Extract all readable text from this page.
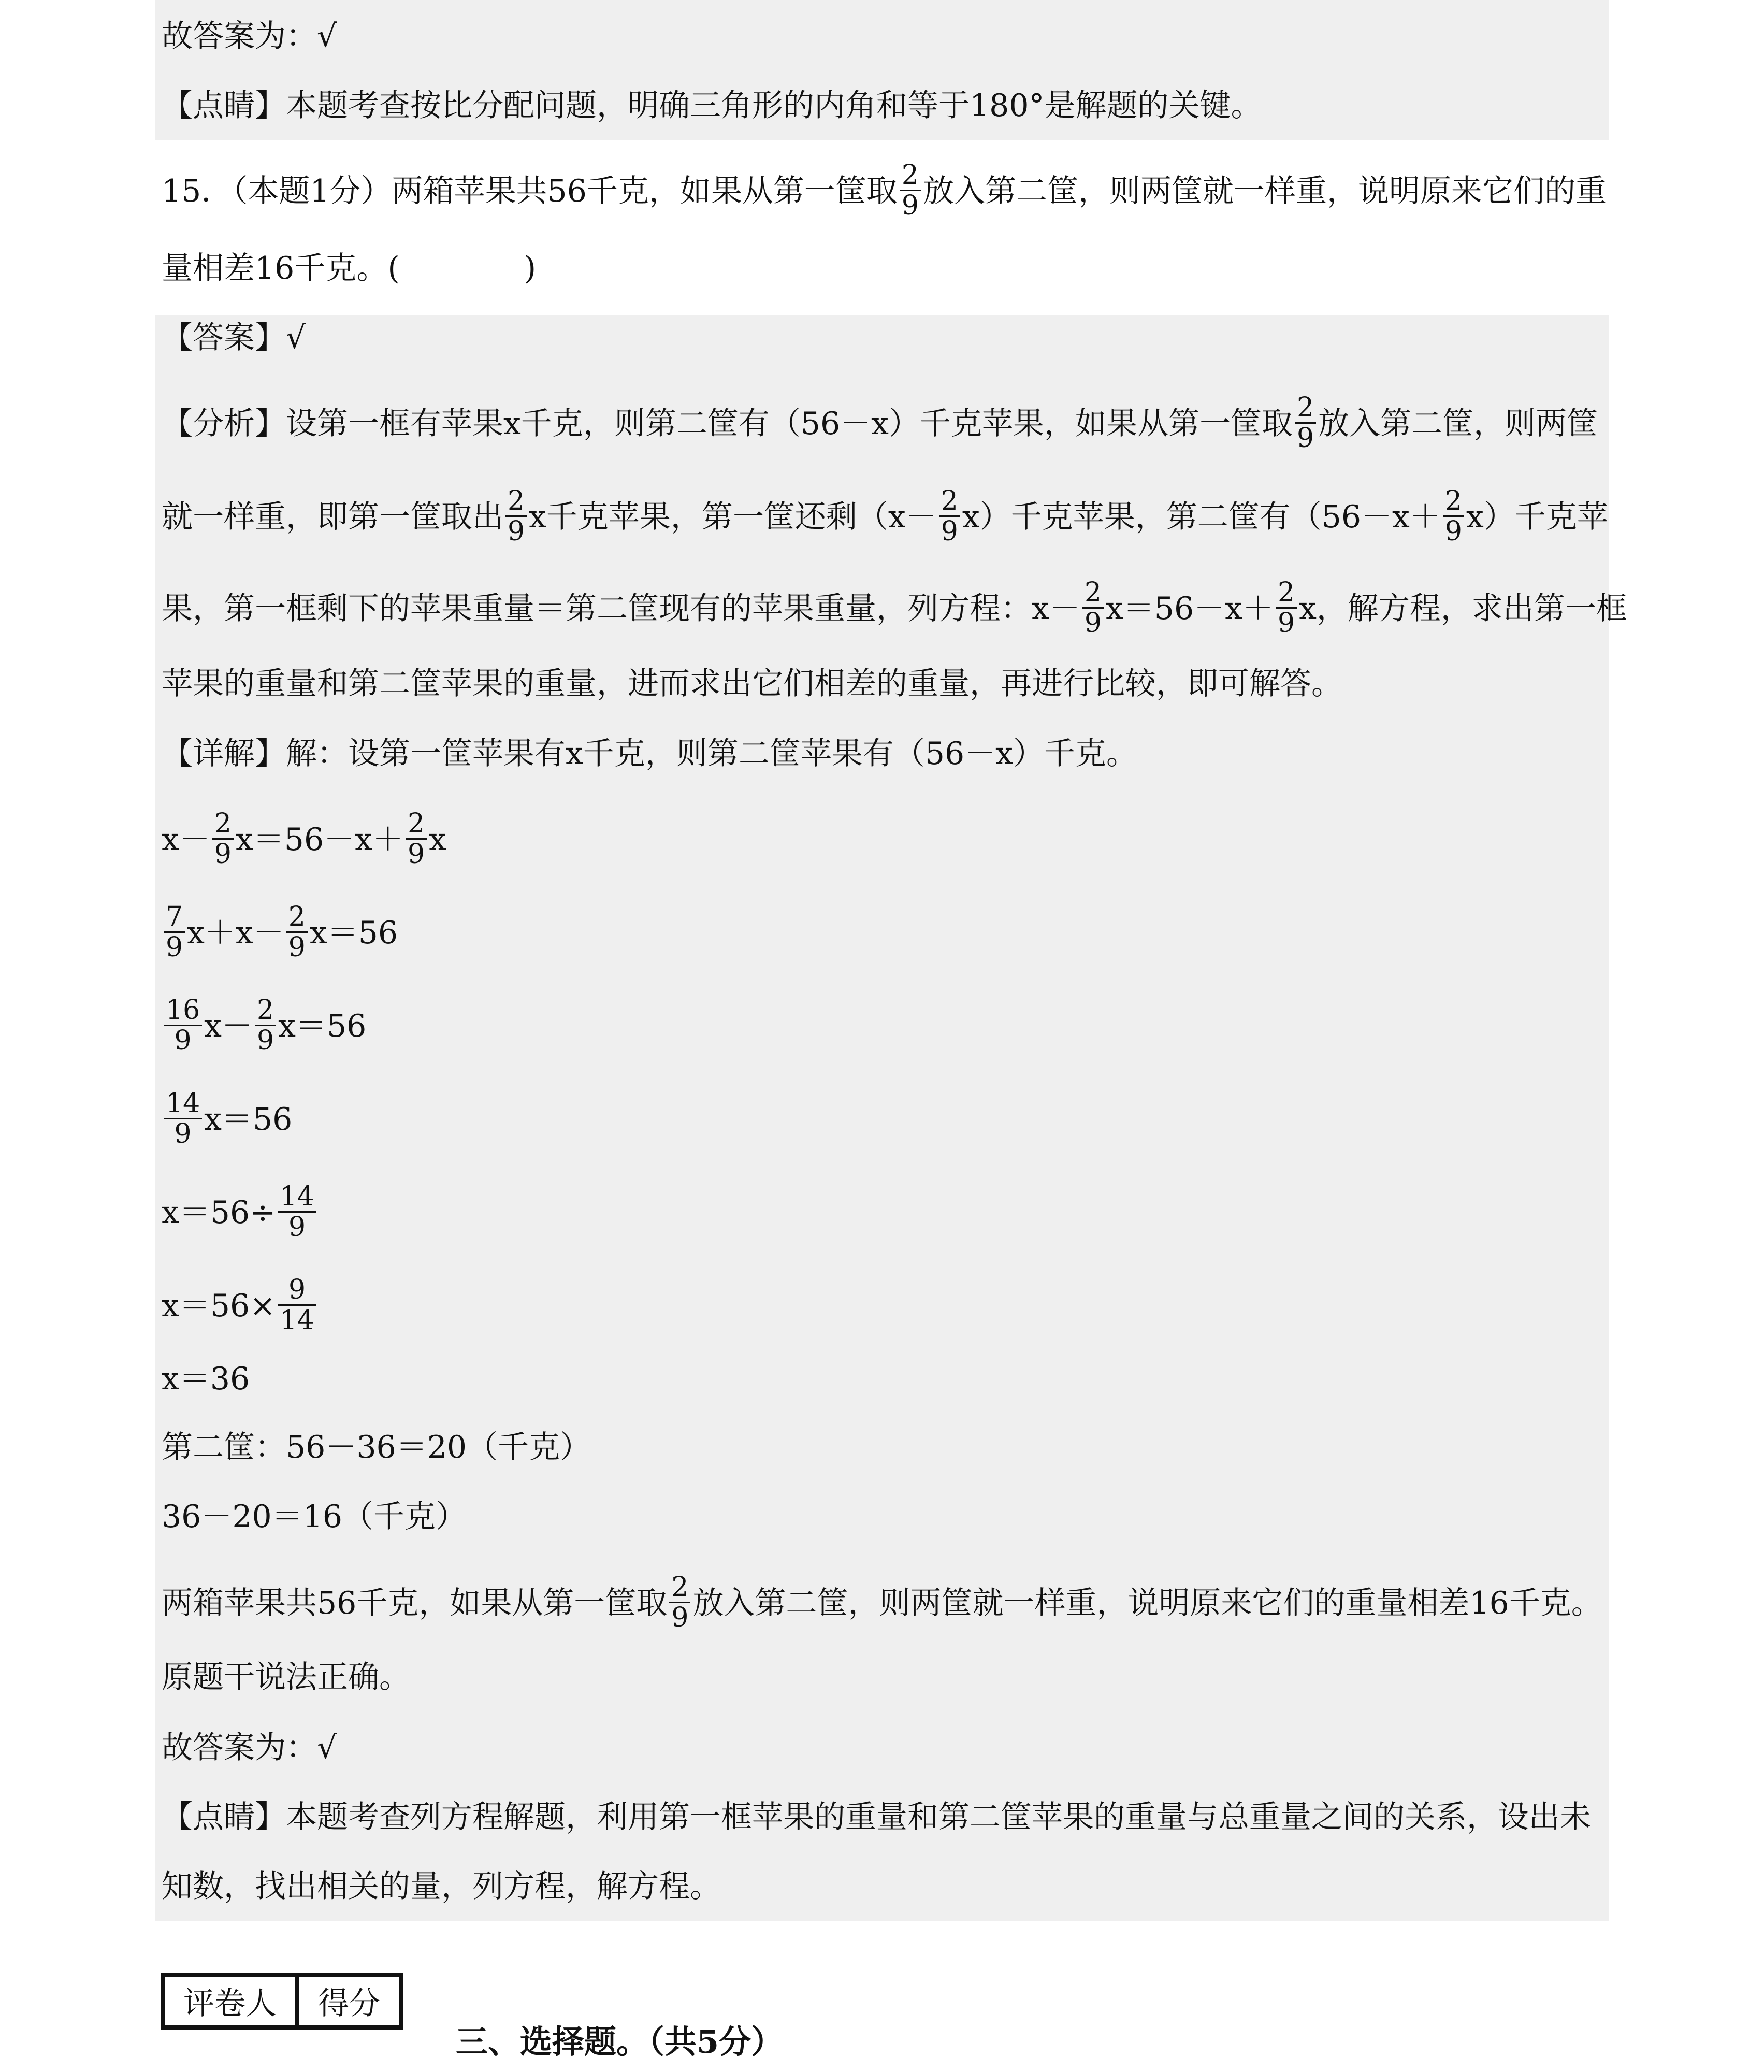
故答案为：√
【点睛】本题考查按比分配问题，明确三角形的内角和等于180°是解题的关键。
15．（本题1分）两箱苹果共56千克，如果从第一筐取 $\frac{2}{9}$ 放入第二筐，则两筐就一样重，说明原来它们的重
量相差16千克。(	)
【答案】√
【分析】设第一框有苹果x千克，则第二筐有（56－x）千克苹果，如果从第一筐取 $\frac{2}{9}$ 放入第二筐，则两筐
就一样重，即第一筐取出 $\frac{2}{9}$ x千克苹果，第一筐还剩$(x- \frac{2}{9} x)$千克苹果，第二筐有$(56-x+ \frac{2}{9} x)$千克苹
果，第一框剩下的苹果重量＝第二筐现有的苹果重量，列方程：$x- \frac{2}{9} x=56-x+ \frac{2}{9}$ x，解方程，求出第一框
苹果的重量和第二筐苹果的重量，进而求出它们相差的重量，再进行比较，即可解答。
【详解】解：设第一筐苹果有x千克，则第二筐苹果有（56－x）千克。
$x- \frac{2}{9} x=56-x+ \frac{2}{9}$ x
$\frac{7}{9} x+x- \frac{2}{9} x=56$
$\frac{16}{9} x- \frac{2}{9} x=56$
$\frac{14}{9} x=56$
$x=56\div \frac{14}{9}$
$x=56\times \frac{9}{14}$
x＝36
第二筐：56－36＝20（千克）
36－20＝16（千克）
两箱苹果共56千克，如果从第一筐取 $\frac{2}{9}$ 放入第二筐，则两筐就一样重，说明原来它们的重量相差16千克。
原题干说法正确。
故答案为：√
【点睛】本题考查列方程解题，利用第一框苹果的重量和第二筐苹果的重量与总重量之间的关系，设出未
知数，找出相关的量，列方程，解方程。
评卷人	得分
三、选择题。（共5分）
